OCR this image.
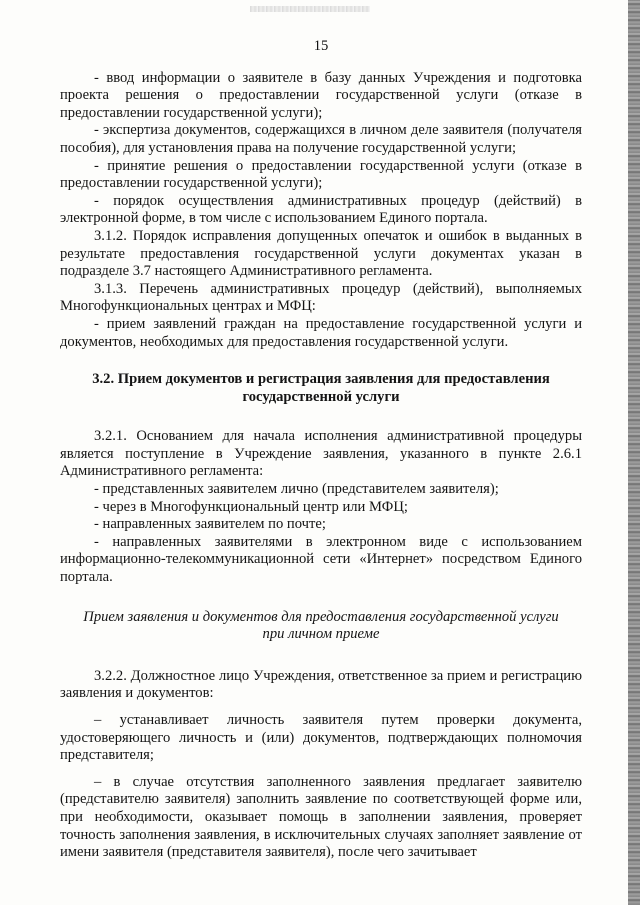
15

- ввод информации о заявителе в базу данных Учреждения и подготовка проекта решения о предоставлении государственной услуги (отказе в предоставлении государственной услуги);

- экспертиза документов, содержащихся в личном деле заявителя (получателя пособия), для установления права на получение государственной услуги;

- принятие решения о предоставлении государственной услуги (отказе в предоставлении государственной услуги);

- порядок осуществления административных процедур (действий) в электронной форме, в том числе с использованием Единого портала.

3.1.2. Порядок исправления допущенных опечаток и ошибок в выданных в результате предоставления государственной услуги документах указан в подразделе 3.7 настоящего Административного регламента.

3.1.3. Перечень административных процедур (действий), выполняемых Многофункциональных центрах и МФЦ:

- прием заявлений граждан на предоставление государственной услуги и документов, необходимых для предоставления государственной услуги.

3.2. Прием документов и регистрация заявления для предоставления
государственной услуги

3.2.1. Основанием для начала исполнения административной процедуры является поступление в Учреждение заявления, указанного в пункте 2.6.1 Административного регламента:

- представленных заявителем лично (представителем заявителя);

- через в Многофункциональный центр или МФЦ;

- направленных заявителем по почте;

- направленных заявителями в электронном виде с использованием информационно-телекоммуникационной сети «Интернет» посредством Единого портала.

Прием заявления и документов для предоставления государственной услуги
при личном приеме

3.2.2. Должностное лицо Учреждения, ответственное за прием и регистрацию заявления и документов:

– устанавливает личность заявителя путем проверки документа, удостоверяющего личность и (или) документов, подтверждающих полномочия представителя;

– в случае отсутствия заполненного заявления предлагает заявителю (представителю заявителя) заполнить заявление по соответствующей форме или, при необходимости, оказывает помощь в заполнении заявления, проверяет точность заполнения заявления, в исключительных случаях заполняет заявление от имени заявителя (представителя заявителя), после чего зачитывает
